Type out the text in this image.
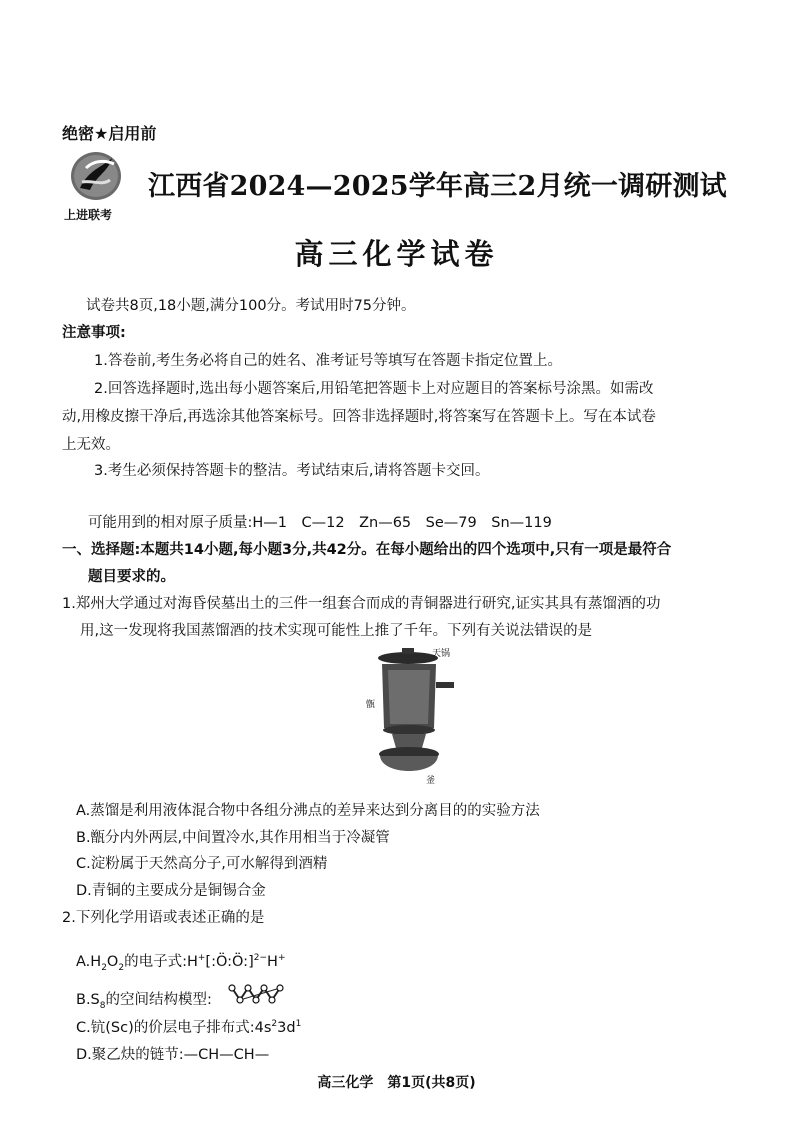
绝密★启用前
上进联考
江西省2024—2025学年高三2月统一调研测试
高三化学试卷
试卷共8页,18小题,满分100分。考试用时75分钟。
注意事项:
1.答卷前,考生务必将自己的姓名、准考证号等填写在答题卡指定位置上。
2.回答选择题时,选出每小题答案后,用铅笔把答题卡上对应题目的答案标号涂黑。如需改
动,用橡皮擦干净后,再选涂其他答案标号。回答非选择题时,将答案写在答题卡上。写在本试卷
上无效。
3.考生必须保持答题卡的整洁。考试结束后,请将答题卡交回。
可能用到的相对原子质量:H—1　C—12　Zn—65　Se—79　Sn—119
一、选择题:本题共14小题,每小题3分,共42分。在每小题给出的四个选项中,只有一项是最符合
题目要求的。
1.郑州大学通过对海昏侯墓出土的三件一组套合而成的青铜器进行研究,证实其具有蒸馏酒的功
用,这一发现将我国蒸馏酒的技术实现可能性上推了千年。下列有关说法错误的是
天锅
甑
釜
A.蒸馏是利用液体混合物中各组分沸点的差异来达到分离目的的实验方法
B.甑分内外两层,中间置冷水,其作用相当于冷凝管
C.淀粉属于天然高分子,可水解得到酒精
D.青铜的主要成分是铜锡合金
2.下列化学用语或表述正确的是
$A.H_2O_2$的电子式:H+[:Ö:Ö:]$^{2-}$H+
$B.S_8$的空间结构模型:
C.钪(Sc)的价层电子排布式$:4s^23d^1$
D.聚乙炔的链节:—CH—CH—
高三化学　第1页(共8页)
